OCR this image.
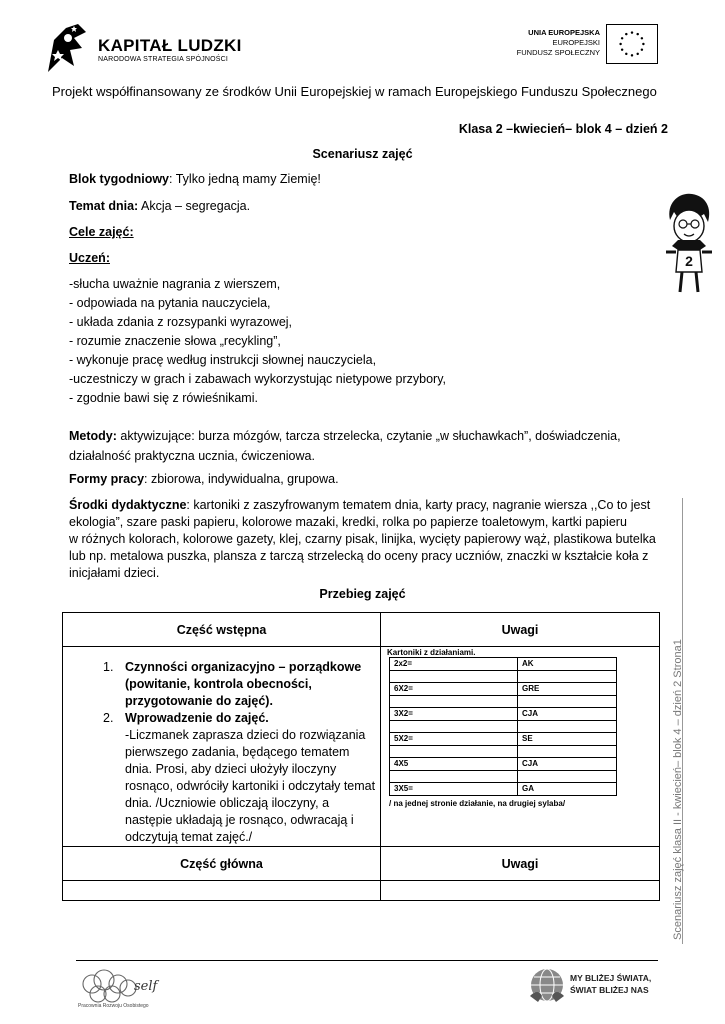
KAPITAŁ LUDZKI
NARODOWA STRATEGIA SPÓJNOŚCI
UNIA EUROPEJSKA
EUROPEJSKI
FUNDUSZ SPOŁECZNY
Projekt współfinansowany ze środków Unii Europejskiej w ramach Europejskiego Funduszu Społecznego
Klasa 2 –kwiecień– blok 4 – dzień 2
Scenariusz zajęć
2
Blok tygodniowy: Tylko jedną mamy Ziemię!
Temat dnia: Akcja – segregacja.
Cele zajęć:
Uczeń:
-słucha uważnie nagrania z wierszem,
- odpowiada na pytania nauczyciela,
- układa zdania z rozsypanki wyrazowej,
- rozumie znaczenie słowa „recykling”,
- wykonuje pracę według instrukcji słownej nauczyciela,
-uczestniczy w grach i zabawach wykorzystując nietypowe przybory,
- zgodnie bawi się z rówieśnikami.
Metody: aktywizujące: burza mózgów, tarcza strzelecka, czytanie „w słuchawkach”, doświadczenia,
działalność praktyczna ucznia, ćwiczeniowa.
Formy pracy: zbiorowa, indywidualna, grupowa.
Środki dydaktyczne: kartoniki z zaszyfrowanym tematem dnia, karty pracy, nagranie wiersza ,,Co to jest
ekologia”, szare paski papieru, kolorowe mazaki, kredki, rolka po papierze toaletowym, kartki papieru
w różnych kolorach, kolorowe gazety, klej, czarny pisak, linijka, wycięty papierowy wąż, plastikowa butelka
lub np. metalowa puszka, plansza z tarczą strzelecką do oceny pracy uczniów, znaczki w kształcie koła z
inicjałami dzieci.
Przebieg zajęć
Część wstępna	Uwagi

1. Czynności organizacyjno – porządkowe (powitanie, kontrola obecności, przygotowanie do zajęć).
2. Wprowadzenie do zajęć.
-Liczmanek zaprasza dzieci do rozwiązania pierwszego zadania, będącego tematem dnia. Prosi, aby dzieci ułożyły iloczyny rosnąco, odwróciły kartoniki i odczytały temat dnia. /Uczniowie obliczają iloczyny, a następie układają je rosnąco, odwracają i odczytują temat zajęć./

Kartoniki z działaniami.
2x2=	AK

6X2=	GRE

3X2=	CJA

5X2=	SE

4X5	CJA

3X5=	GA
/ na jednej stronie działanie, na drugiej sylaba/

Część główna	Uwagi
		Scenariusz zajęć klasa II - kwiecień– blok 4 – dzień 2 Strona1
self
Pracownia Rozwoju Osobistego
MY BLIŻEJ ŚWIATA,
ŚWIAT BLIŻEJ NAS
